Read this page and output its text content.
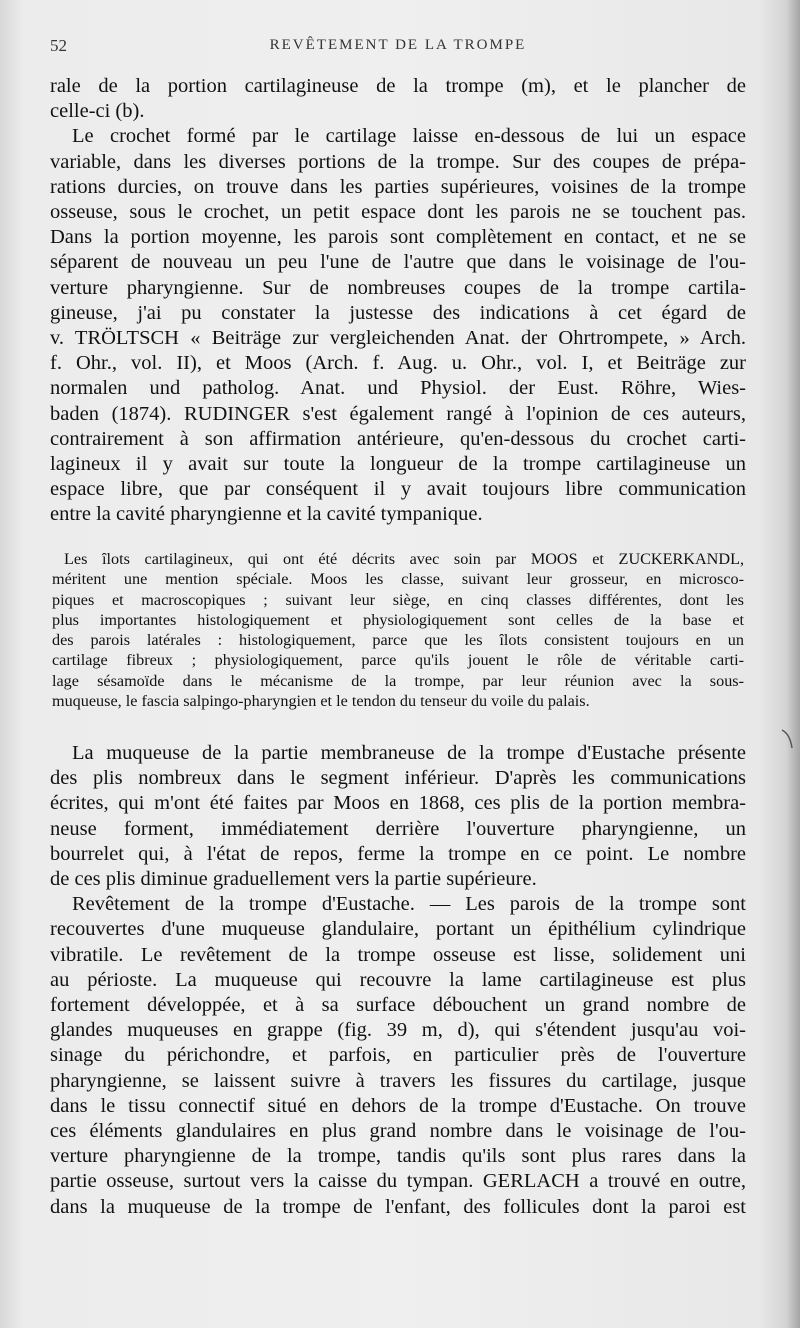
52	REVÊTEMENT DE LA TROMPE

rale de la portion cartilagineuse de la trompe (m), et le plancher de
celle-ci (b).

Le crochet formé par le cartilage laisse en-dessous de lui un espace
variable, dans les diverses portions de la trompe. Sur des coupes de prépa-
rations durcies, on trouve dans les parties supérieures, voisines de la trompe
osseuse, sous le crochet, un petit espace dont les parois ne se touchent pas.
Dans la portion moyenne, les parois sont complètement en contact, et ne se
séparent de nouveau un peu l'une de l'autre que dans le voisinage de l'ou-
verture pharyngienne. Sur de nombreuses coupes de la trompe cartila-
gineuse, j'ai pu constater la justesse des indications à cet égard de
v. TRÖLTSCH « Beiträge zur vergleichenden Anat. der Ohrtrompete, » Arch.
f. Ohr., vol. II), et Moos (Arch. f. Aug. u. Ohr., vol. I, et Beiträge zur
normalen und patholog. Anat. und Physiol. der Eust. Röhre, Wies-
baden (1874). RUDINGER s'est également rangé à l'opinion de ces auteurs,
contrairement à son affirmation antérieure, qu'en-dessous du crochet carti-
lagineux il y avait sur toute la longueur de la trompe cartilagineuse un
espace libre, que par conséquent il y avait toujours libre communication
entre la cavité pharyngienne et la cavité tympanique.

Les îlots cartilagineux, qui ont été décrits avec soin par MOOS et ZUCKERKANDL,
méritent une mention spéciale. Moos les classe, suivant leur grosseur, en microsco-
piques et macroscopiques ; suivant leur siège, en cinq classes différentes, dont les
plus importantes histologiquement et physiologiquement sont celles de la base et
des parois latérales : histologiquement, parce que les îlots consistent toujours en un
cartilage fibreux ; physiologiquement, parce qu'ils jouent le rôle de véritable carti-
lage sésamoïde dans le mécanisme de la trompe, par leur réunion avec la sous-
muqueuse, le fascia salpingo-pharyngien et le tendon du tenseur du voile du palais.

La muqueuse de la partie membraneuse de la trompe d'Eustache présente
des plis nombreux dans le segment inférieur. D'après les communications
écrites, qui m'ont été faites par Moos en 1868, ces plis de la portion membra-
neuse forment, immédiatement derrière l'ouverture pharyngienne, un
bourrelet qui, à l'état de repos, ferme la trompe en ce point. Le nombre
de ces plis diminue graduellement vers la partie supérieure.

Revêtement de la trompe d'Eustache. — Les parois de la trompe sont
recouvertes d'une muqueuse glandulaire, portant un épithélium cylindrique
vibratile. Le revêtement de la trompe osseuse est lisse, solidement uni
au périoste. La muqueuse qui recouvre la lame cartilagineuse est plus
fortement développée, et à sa surface débouchent un grand nombre de
glandes muqueuses en grappe (fig. 39 m, d), qui s'étendent jusqu'au voi-
sinage du périchondre, et parfois, en particulier près de l'ouverture
pharyngienne, se laissent suivre à travers les fissures du cartilage, jusque
dans le tissu connectif situé en dehors de la trompe d'Eustache. On trouve
ces éléments glandulaires en plus grand nombre dans le voisinage de l'ou-
verture pharyngienne de la trompe, tandis qu'ils sont plus rares dans la
partie osseuse, surtout vers la caisse du tympan. GERLACH a trouvé en outre,
dans la muqueuse de la trompe de l'enfant, des follicules dont la paroi est
